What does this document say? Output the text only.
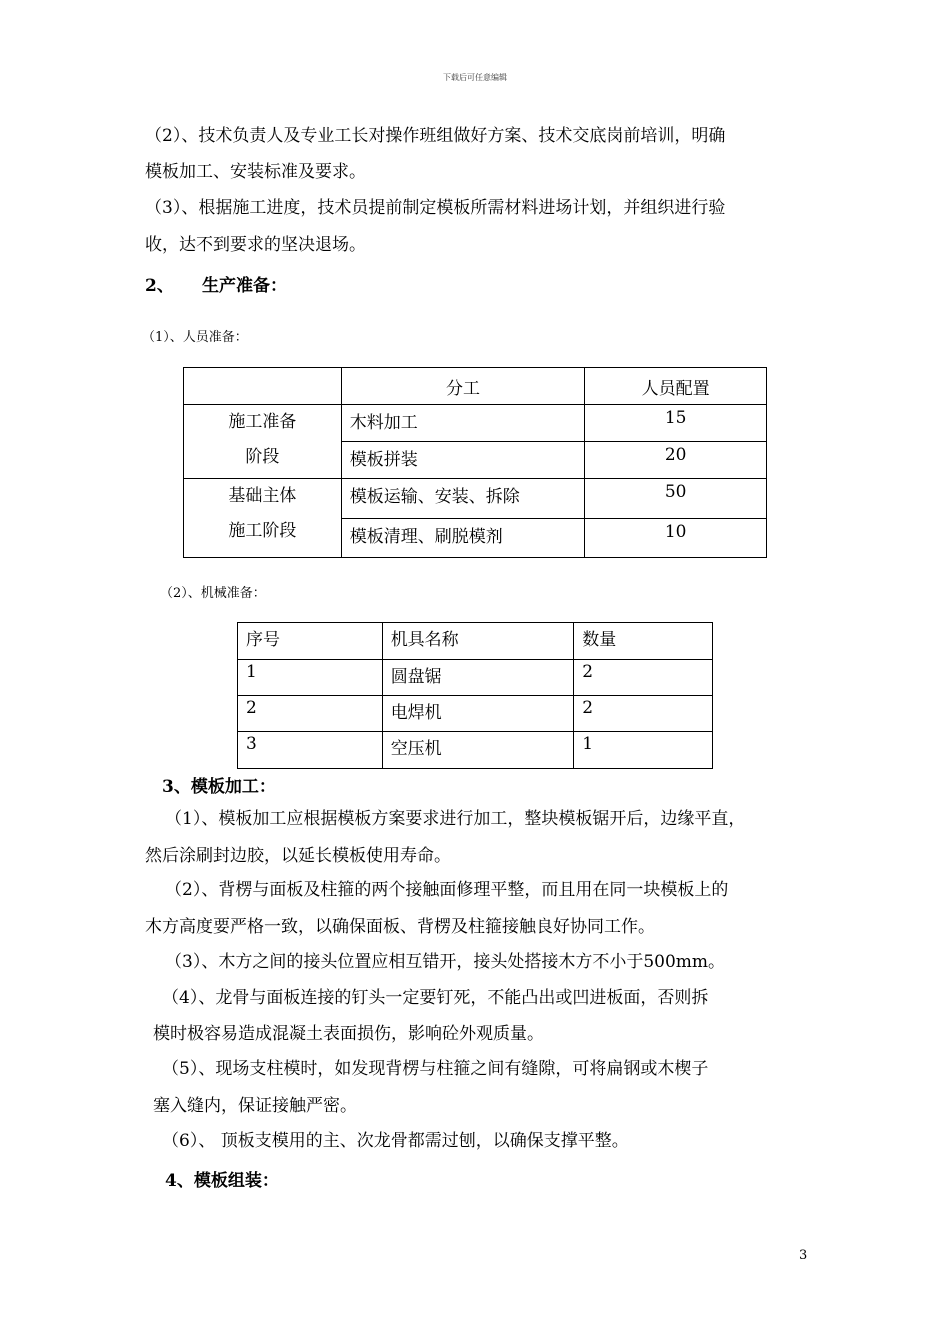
下载后可任意编辑
（2）、技术负责人及专业工长对操作班组做好方案、技术交底岗前培训，明确
模板加工、安装标准及要求。
（3）、根据施工进度，技术员提前制定模板所需材料进场计划，并组织进行验
收，达不到要求的坚决退场。
2、 生产准备：
（1）、人员准备：
	分工	人员配置

施工准备
阶段	木料加工	15
	模板拼装	20

基础主体
施工阶段	模板运输、安装、拆除	50
	模板清理、刷脱模剂	10
（2）、机械准备：
序号	机具名称	数量
1	圆盘锯	2
2	电焊机	2
3	空压机	1
3、模板加工：
（1）、模板加工应根据模板方案要求进行加工，整块模板锯开后，边缘平直，
然后涂刷封边胶，以延长模板使用寿命。
（2）、背楞与面板及柱箍的两个接触面修理平整，而且用在同一块模板上的
木方高度要严格一致，以确保面板、背楞及柱箍接触良好协同工作。
（3）、木方之间的接头位置应相互错开，接头处搭接木方不小于500mm。
（4）、龙骨与面板连接的钉头一定要钉死，不能凸出或凹进板面，否则拆
模时极容易造成混凝土表面损伤，影响砼外观质量。
（5）、现场支柱模时，如发现背楞与柱箍之间有缝隙，可将扁钢或木楔子
塞入缝内，保证接触严密。
（6）、 顶板支模用的主、次龙骨都需过刨，以确保支撑平整。
4、模板组装：
3
